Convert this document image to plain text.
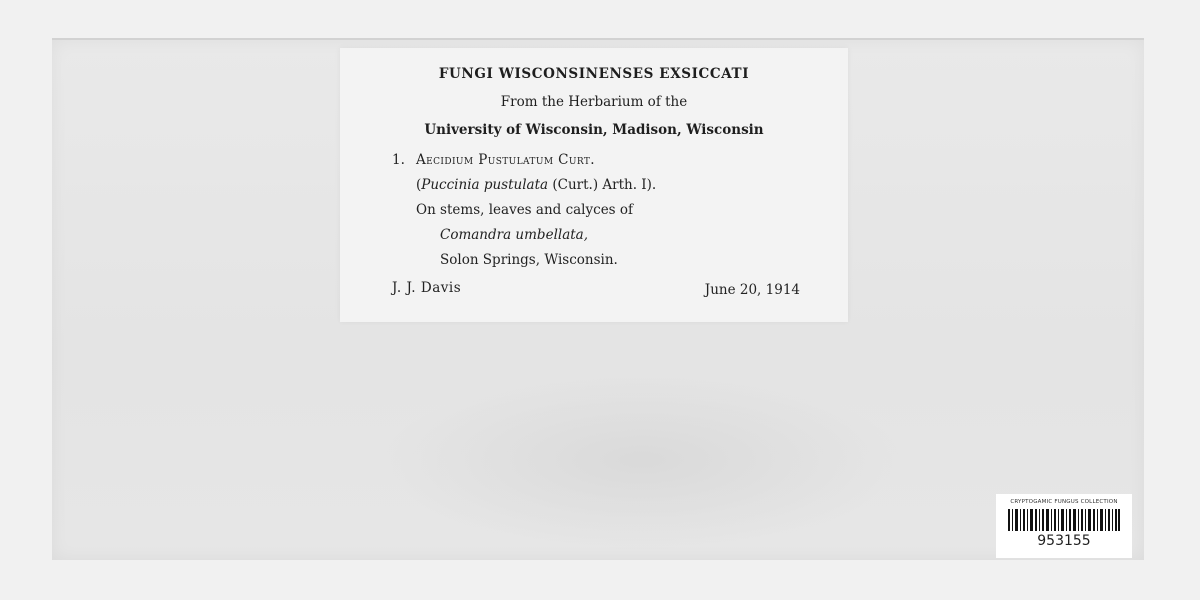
FUNGI WISCONSINENSES EXSICCATI
From the Herbarium of the
University of Wisconsin, Madison, Wisconsin
1. Aecidium Pustulatum Curt.
(Puccinia pustulata (Curt.) Arth. I).
On stems, leaves and calyces of
Comandra umbellata,
Solon Springs, Wisconsin.
J. J. Davis	June 20, 1914
CRYPTOGAMIC FUNGUS COLLECTION
953155
